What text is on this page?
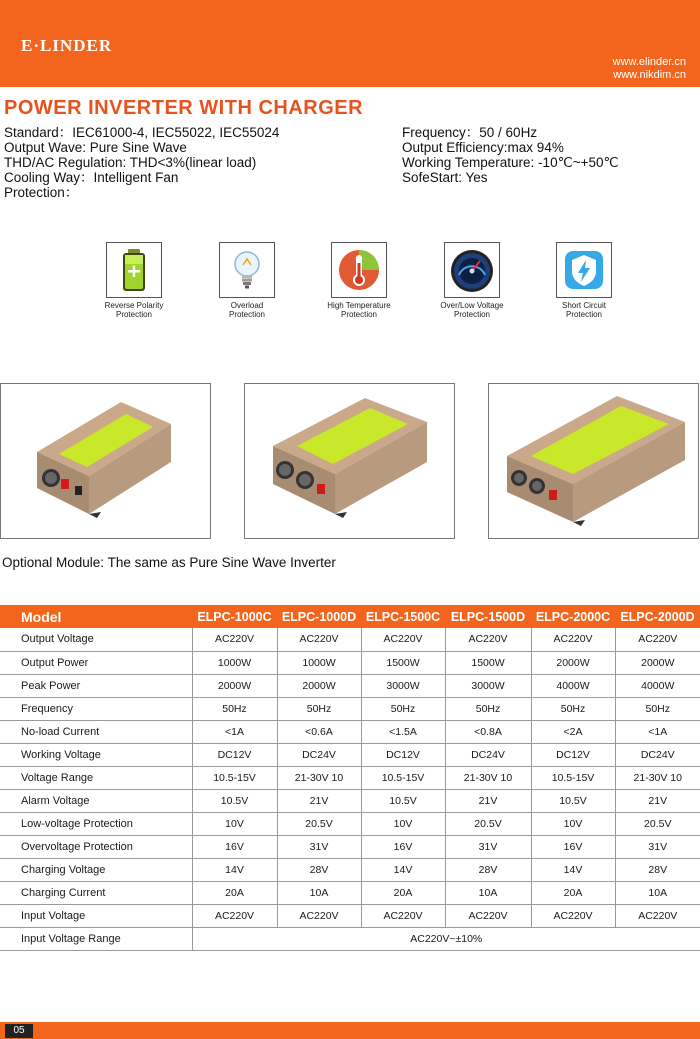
E·LINDER
www.elinder.cn
www.nikdim.cn
POWER INVERTER WITH CHARGER
Standard：IEC61000-4, IEC55022, IEC55024
Output Wave: Pure Sine Wave
THD/AC Regulation: THD<3%(linear load)
Cooling Way：Intelligent Fan
Protection：
Frequency：50 / 60Hz
Output Efficiency:max 94%
Working Temperature: -10℃~+50℃
SofeStart: Yes
Reverse Polarity
Protection
Overload
Protection
High Temperature
Protection
Over/Low Voltage
Protection
Short Circuit
Protection
Optional Module: The same as Pure Sine Wave Inverter
Model	ELPC-1000C	ELPC-1000D	ELPC-1500C	ELPC-1500D	ELPC-2000C	ELPC-2000D
Output Voltage	AC220V	AC220V	AC220V	AC220V	AC220V	AC220V
Output Power	1000W	1000W	1500W	1500W	2000W	2000W
Peak Power	2000W	2000W	3000W	3000W	4000W	4000W
Frequency	50Hz	50Hz	50Hz	50Hz	50Hz	50Hz
No-load Current	<1A	<0.6A	<1.5A	<0.8A	<2A	<1A
Working Voltage	DC12V	DC24V	DC12V	DC24V	DC12V	DC24V
Voltage Range	10.5-15V	21-30V 10	10.5-15V	21-30V 10	10.5-15V	21-30V 10
Alarm Voltage	10.5V	21V	10.5V	21V	10.5V	21V
Low-voltage Protection	10V	20.5V	10V	20.5V	10V	20.5V
Overvoltage Protection	16V	31V	16V	31V	16V	31V
Charging Voltage	14V	28V	14V	28V	14V	28V
Charging Current	20A	10A	20A	10A	20A	10A
Input Voltage	AC220V	AC220V	AC220V	AC220V	AC220V	AC220V
Input Voltage Range	AC220V~±10%					
05
